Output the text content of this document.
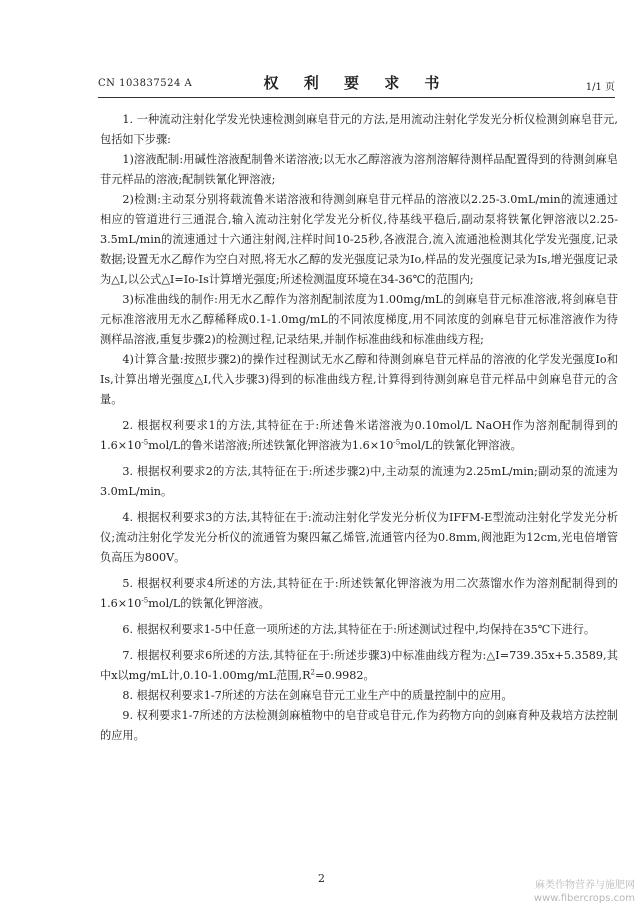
CN 103837524 A	权 利 要 求 书	1/1 页

1. 一种流动注射化学发光快速检测剑麻皂苷元的方法,是用流动注射化学发光分析仪检测剑麻皂苷元,包括如下步骤:

1)溶液配制:用碱性溶液配制鲁米诺溶液;以无水乙醇溶液为溶剂溶解待测样品配置得到的待测剑麻皂苷元样品的溶液;配制铁氰化钾溶液;

2)检测:主动泵分别将载流鲁米诺溶液和待测剑麻皂苷元样品的溶液以2.25-3.0mL/min的流速通过相应的管道进行三通混合,输入流动注射化学发光分析仪,待基线平稳后,副动泵将铁氰化钾溶液以2.25-3.5mL/min的流速通过十六通注射阀,注样时间10-25秒,各液混合,流入流通池检测其化学发光强度,记录数据;设置无水乙醇作为空白对照,将无水乙醇的发光强度记录为Io,样品的发光强度记录为Is,增光强度记录为△I,以公式△I=Io-Is计算增光强度;所述检测温度环境在34-36℃的范围内;

3)标准曲线的制作:用无水乙醇作为溶剂配制浓度为1.00mg/mL的剑麻皂苷元标准溶液,将剑麻皂苷元标准溶液用无水乙醇稀释成0.1-1.0mg/mL的不同浓度梯度,用不同浓度的剑麻皂苷元标准溶液作为待测样品溶液,重复步骤2)的检测过程,记录结果,并制作标准曲线和标准曲线方程;

4)计算含量:按照步骤2)的操作过程测试无水乙醇和待测剑麻皂苷元样品的溶液的化学发光强度Io和Is,计算出增光强度△I,代入步骤3)得到的标准曲线方程,计算得到待测剑麻皂苷元样品中剑麻皂苷元的含量。

2. 根据权利要求1的方法,其特征在于:所述鲁米诺溶液为0.10mol/L NaOH作为溶剂配制得到的$1.6\times 10^{-5}mol/L$的鲁米诺溶液;所述铁氰化钾溶液为$1.6\times 10^{-5}mol/L$的铁氰化钾溶液。

3. 根据权利要求2的方法,其特征在于:所述步骤2)中,主动泵的流速为2.25mL/min;副动泵的流速为3.0mL/min。

4. 根据权利要求3的方法,其特征在于:流动注射化学发光分析仪为IFFM-E型流动注射化学发光分析仪;流动注射化学发光分析仪的流通管为聚四氟乙烯管,流通管内径为0.8mm,阀池距为12cm,光电倍增管负高压为800V。

5. 根据权利要求4所述的方法,其特征在于:所述铁氰化钾溶液为用二次蒸馏水作为溶剂配制得到的$1.6\times 10^{-5}mol/L$的铁氰化钾溶液。

6. 根据权利要求1-5中任意一项所述的方法,其特征在于:所述测试过程中,均保持在35℃下进行。

7. 根据权利要求6所述的方法,其特征在于:所述步骤3)中标准曲线方程为:△I=739.35x+5.3589,其中x以mg/mL计,0.10-1.00mg/mL范围$,R^2=0.9982$。

8. 根据权利要求1-7所述的方法在剑麻皂苷元工业生产中的质量控制中的应用。

9. 权利要求1-7所述的方法检测剑麻植物中的皂苷或皂苷元,作为药物方向的剑麻育种及栽培方法控制的应用。

2
麻类作物营养与施肥网
www.fibercrops.com
